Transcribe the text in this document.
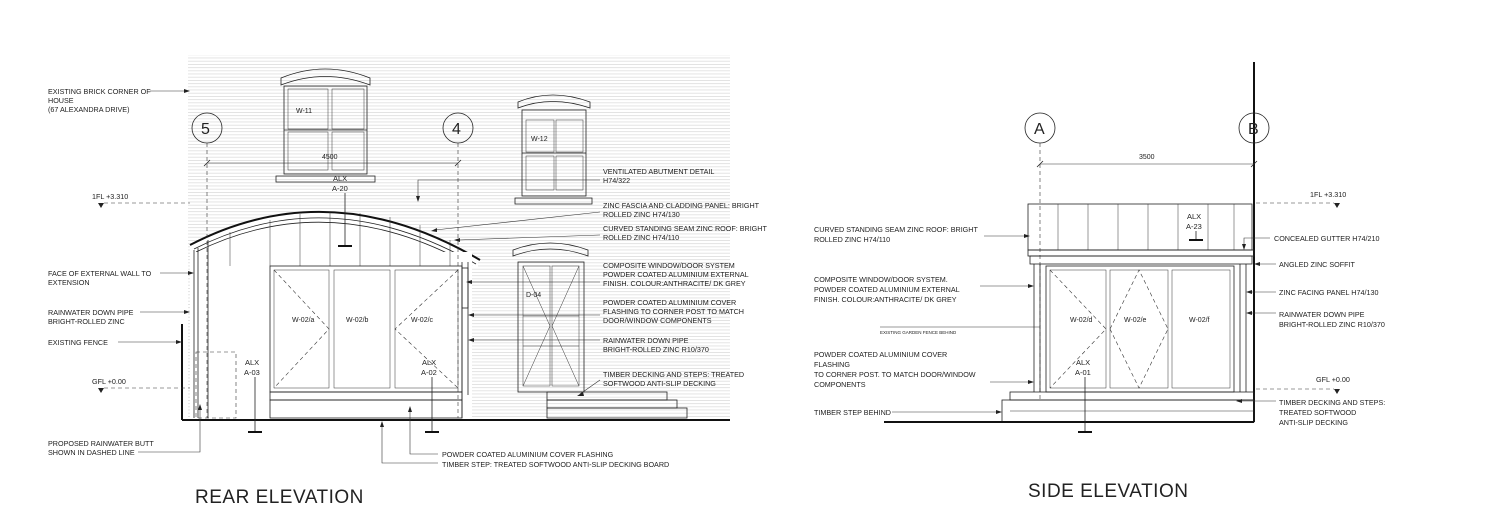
W-11
W-12
D-04
W-02/a	W-02/b	W-02/c
5	4
4500
ALX
A-20
ALX
A-03
ALX
A-02
1FL +3.310
GFL +0.00
EXISTING BRICK CORNER OF
HOUSE
(67 ALEXANDRA DRIVE)
FACE OF EXTERNAL WALL TO
EXTENSION
RAINWATER DOWN PIPE
BRIGHT-ROLLED ZINC
EXISTING FENCE
PROPOSED RAINWATER BUTT
SHOWN IN DASHED LINE
VENTILATED ABUTMENT DETAIL
H74/322
ZINC FASCIA AND CLADDING PANEL: BRIGHT
ROLLED ZINC H74/130
CURVED STANDING SEAM ZINC ROOF: BRIGHT
ROLLED ZINC H74/110
COMPOSITE WINDOW/DOOR SYSTEM
POWDER COATED ALUMINIUM EXTERNAL
FINISH. COLOUR:ANTHRACITE/ DK GREY
POWDER COATED ALUMINIUM COVER
FLASHING TO CORNER POST TO MATCH
DOOR/WINDOW COMPONENTS
RAINWATER DOWN PIPE
BRIGHT-ROLLED ZINC R10/370
TIMBER DECKING AND STEPS: TREATED
SOFTWOOD ANTI-SLIP DECKING
POWDER COATED ALUMINIUM COVER FLASHING
TIMBER STEP: TREATED SOFTWOOD ANTI-SLIP DECKING BOARD
REAR ELEVATION
A	B
3500
W-02/d	W-02/e	W-02/f
EXISTING GARDEN FENCE BEHIND
ALX
A-23
ALX
A-01
1FL +3.310
GFL +0.00
CURVED STANDING SEAM ZINC ROOF: BRIGHT
ROLLED ZINC H74/110
COMPOSITE WINDOW/DOOR SYSTEM.
POWDER COATED ALUMINIUM EXTERNAL
FINISH. COLOUR:ANTHRACITE/ DK GREY
POWDER COATED ALUMINIUM COVER
FLASHING
TO CORNER POST. TO MATCH DOOR/WINDOW
COMPONENTS
TIMBER STEP BEHIND
CONCEALED GUTTER H74/210
ANGLED ZINC SOFFIT
ZINC FACING PANEL H74/130
RAINWATER DOWN PIPE
BRIGHT-ROLLED ZINC R10/370
TIMBER DECKING AND STEPS:
TREATED SOFTWOOD
ANTI-SLIP DECKING
SIDE ELEVATION
